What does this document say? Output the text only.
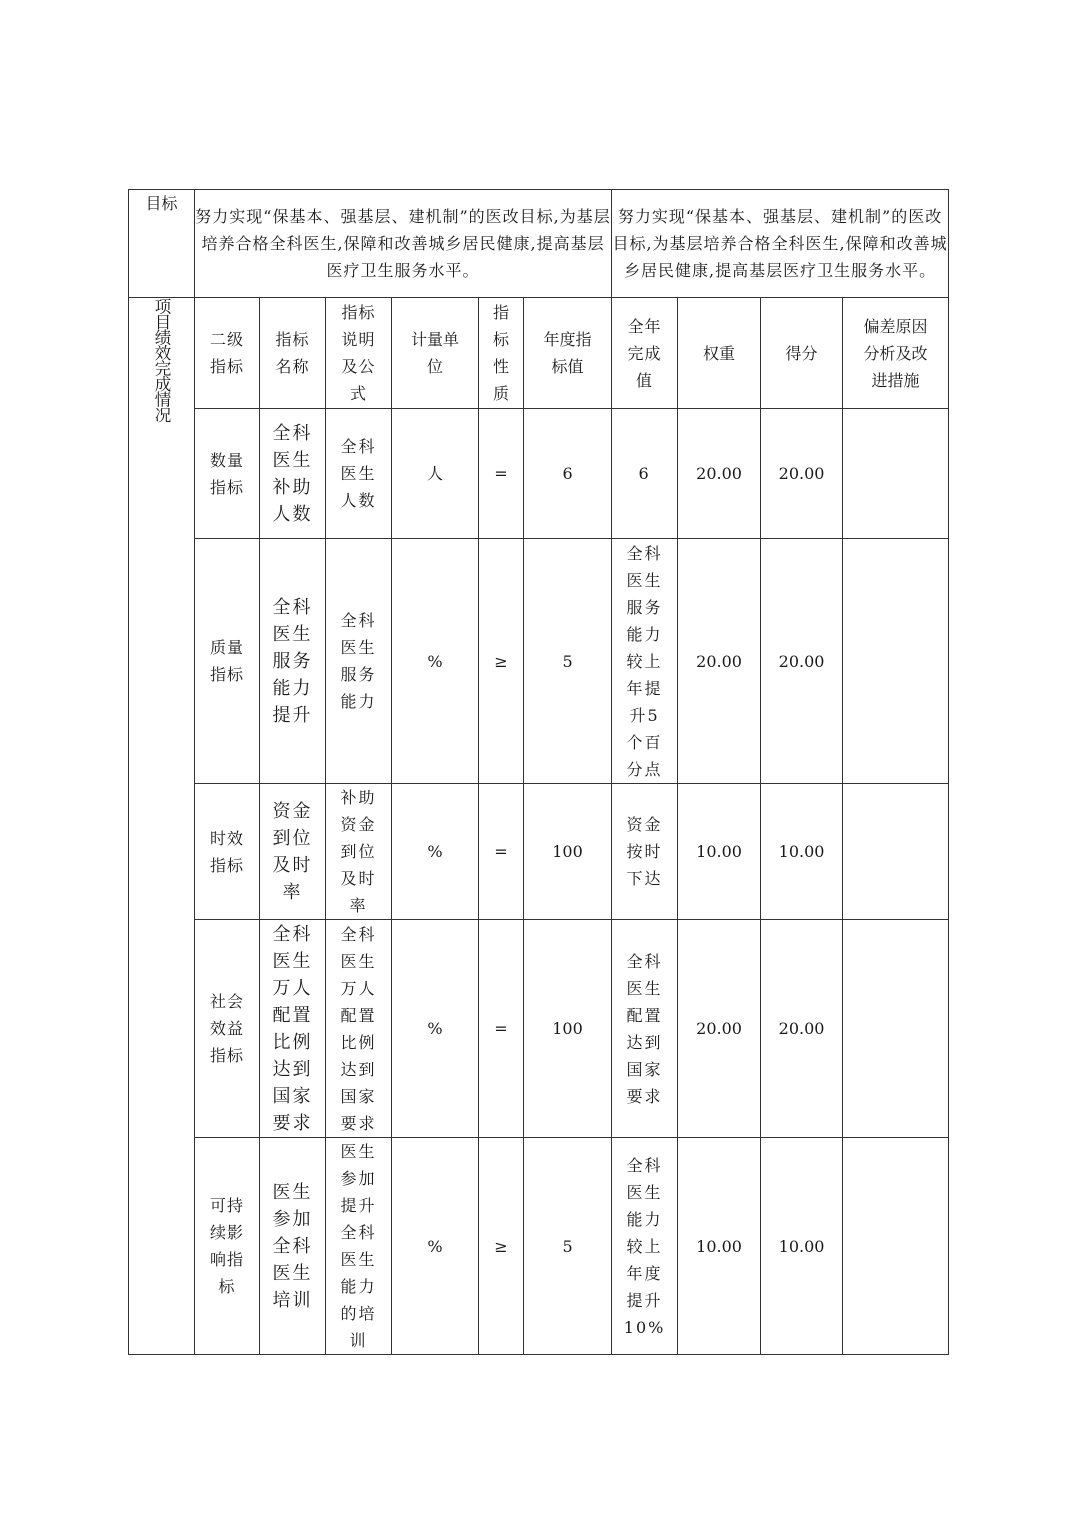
目标	努力实现“保基本、强基层、建机制”的医改目标,为基层培养合格全科医生,保障和改善城乡居民健康,提高基层医疗卫生服务水平。						努力实现“保基本、强基层、建机制”的医改目标,为基层培养合格全科医生,保障和改善城乡居民健康,提高基层医疗卫生服务水平。			
项目绩效完成情况	二级指标	指标名称	指标说明及公式	计量单位	指标性质	年度指标值	全年完成值	权重	得分	偏差原因分析及改进措施
	数量指标	全科医生补助人数	全科医生人数	人	=	6	6	20.00	20.00	
	质量指标	全科医生服务能力提升	全科医生服务能力	%	≥	5	全科医生服务能力较上年提升5个百分点	20.00	20.00	
	时效指标	资金到位及时率	补助资金到位及时率	%	=	100	资金按时下达	10.00	10.00	
	社会效益指标	全科医生万人配置比例达到国家要求	全科医生万人配置比例达到国家要求	%	=	100	全科医生配置达到国家要求	20.00	20.00	
	可持续影响指标	医生参加全科医生培训	医生参加提升全科医生能力的培训	%	≥	5	全科医生能力较上年度提升10%	10.00	10.00	
